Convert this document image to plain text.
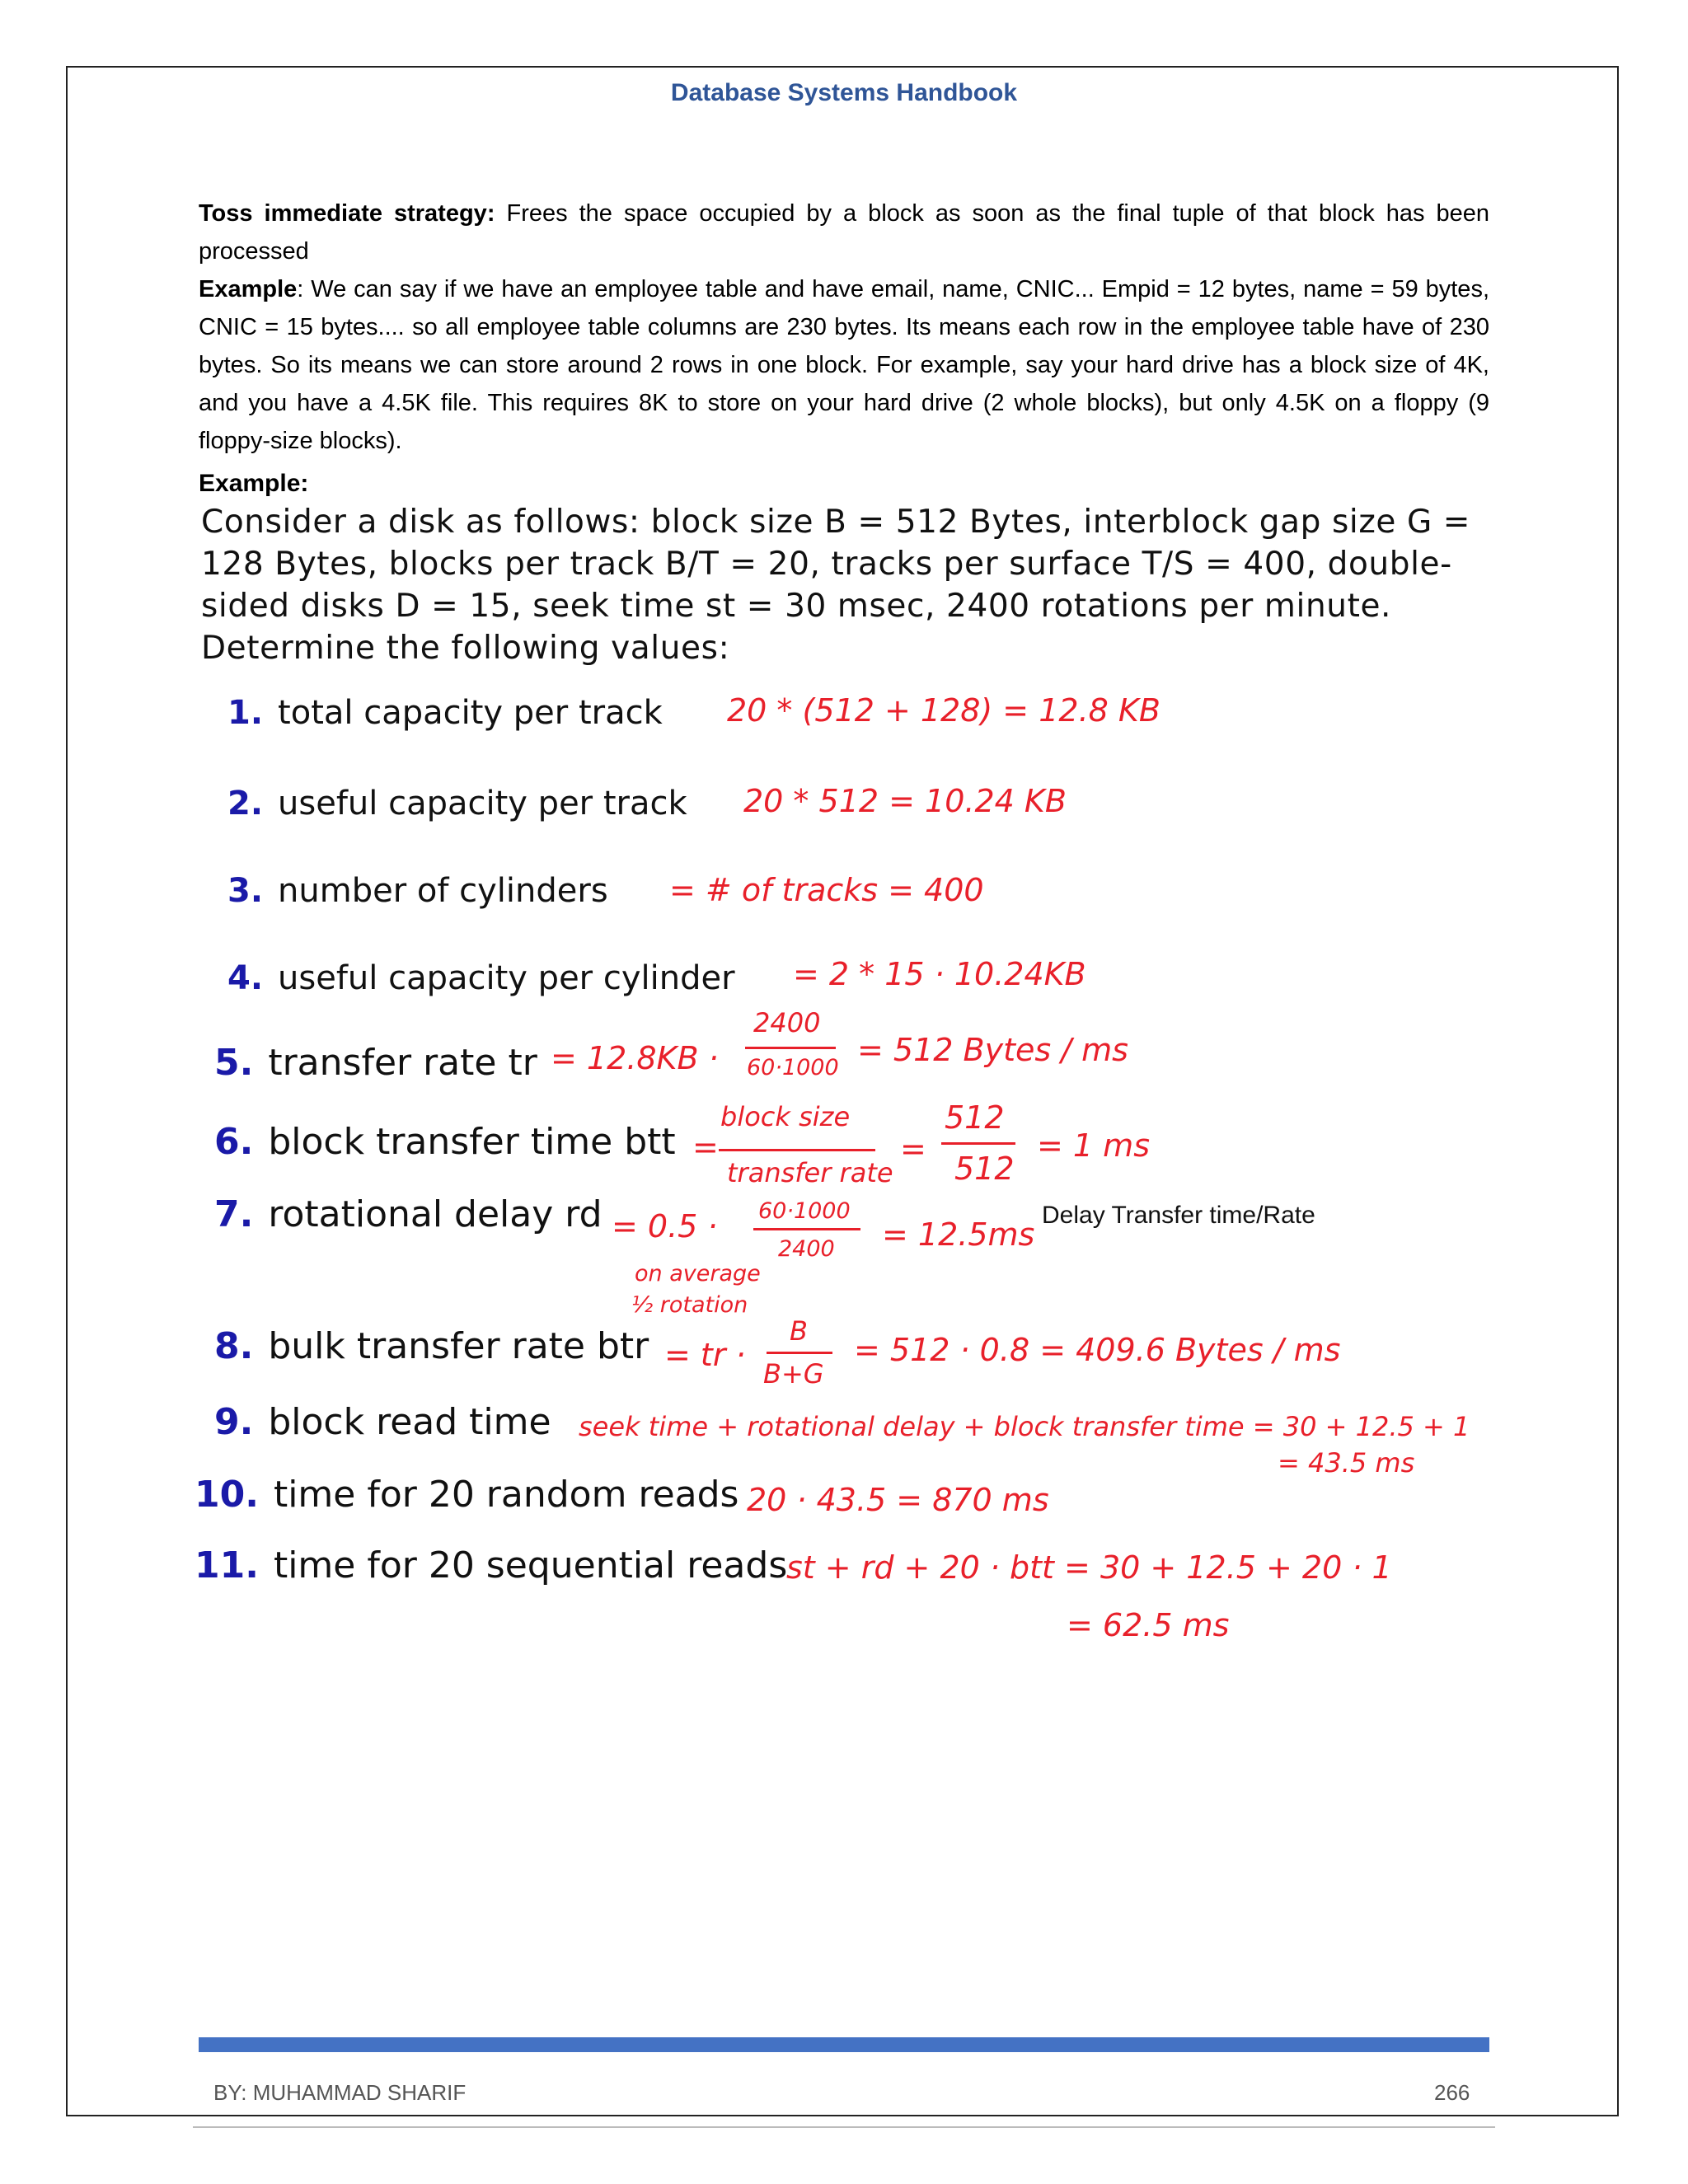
Database Systems Handbook
Toss immediate strategy: Frees the space occupied by a block as soon as the final tuple of that block has been processed
Example: We can say if we have an employee table and have email, name, CNIC... Empid = 12 bytes, name = 59 bytes, CNIC = 15 bytes.... so all employee table columns are 230 bytes. Its means each row in the employee table have of 230 bytes. So its means we can store around 2 rows in one block. For example, say your hard drive has a block size of 4K, and you have a 4.5K file. This requires 8K to store on your hard drive (2 whole blocks), but only 4.5K on a floppy (9 floppy-size blocks).
Example:
Consider a disk as follows: block size B = 512 Bytes, interblock gap size G = 128 Bytes, blocks per track B/T = 20, tracks per surface T/S = 400, double-sided disks D = 15, seek time st = 30 msec, 2400 rotations per minute. Determine the following values:
1. total capacity per track
2. useful capacity per track
3. number of cylinders
4. useful capacity per cylinder
5. transfer rate tr
6. block transfer time btt
7. rotational delay rd
8. bulk transfer rate btr
9. block read time
10. time for 20 random reads
11. time for 20 sequential reads
20 * (512 + 128) = 12.8 KB
20 * 512 = 10.24 KB
= # of tracks = 400
= 2 * 15 · 10.24KB
= 12.8KB ·
2400
60·1000 = 512 Bytes / ms
block size
=
transfer rate
=
512
512
= 1 ms
= 0.5 · 60·1000
2400 = 12.5ms
on average
½ rotation
Delay Transfer time/Rate
= tr ·
B
B+G
= 512 · 0.8 = 409.6 Bytes / ms
seek time + rotational delay + block transfer time = 30 + 12.5 + 1
= 43.5 ms
20 · 43.5 = 870 ms
st + rd + 20 · btt = 30 + 12.5 + 20 · 1
= 62.5 ms
BY: MUHAMMAD SHARIF	266
